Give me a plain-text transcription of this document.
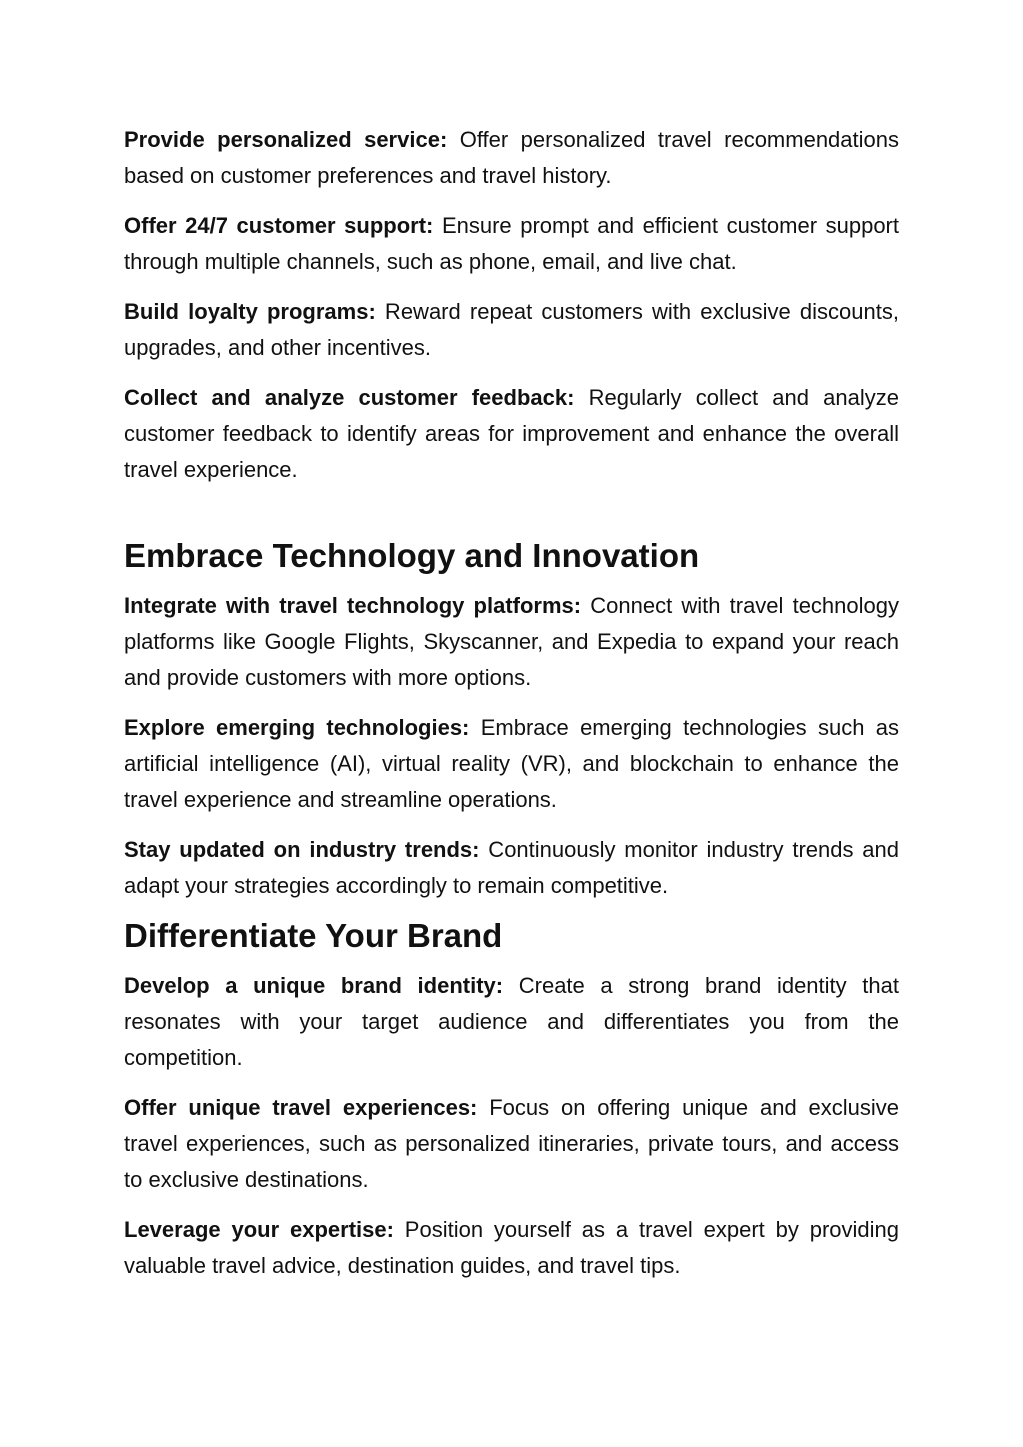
Provide personalized service: Offer personalized travel recommendations based on customer preferences and travel history.

Offer 24/7 customer support: Ensure prompt and efficient customer support through multiple channels, such as phone, email, and live chat.

Build loyalty programs: Reward repeat customers with exclusive discounts, upgrades, and other incentives.

Collect and analyze customer feedback: Regularly collect and analyze customer feedback to identify areas for improvement and enhance the overall travel experience.

Embrace Technology and Innovation

Integrate with travel technology platforms: Connect with travel technology platforms like Google Flights, Skyscanner, and Expedia to expand your reach and provide customers with more options.

Explore emerging technologies: Embrace emerging technologies such as artificial intelligence (AI), virtual reality (VR), and blockchain to enhance the travel experience and streamline operations.

Stay updated on industry trends: Continuously monitor industry trends and adapt your strategies accordingly to remain competitive.

Differentiate Your Brand

Develop a unique brand identity: Create a strong brand identity that resonates with your target audience and differentiates you from the competition.

Offer unique travel experiences: Focus on offering unique and exclusive travel experiences, such as personalized itineraries, private tours, and access to exclusive destinations.

Leverage your expertise: Position yourself as a travel expert by providing valuable travel advice, destination guides, and travel tips.
